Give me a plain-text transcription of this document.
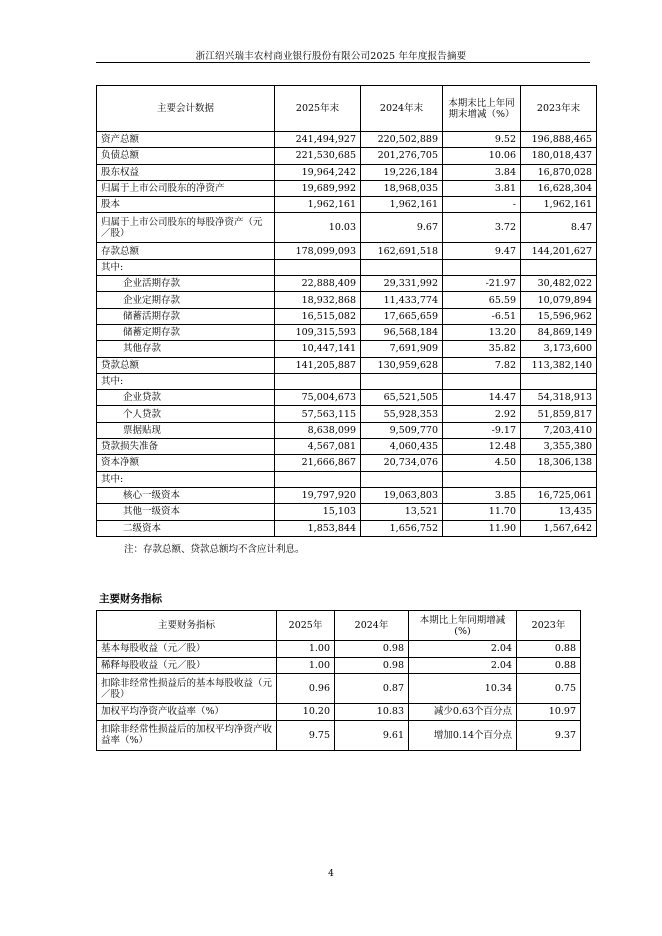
浙江绍兴瑞丰农村商业银行股份有限公司2025 年年度报告摘要
主要会计数据	2025年末	2024年末	本期末比上年同期末增减（%）	2023年末
资产总额	241,494,927	220,502,889	9.52	196,888,465
负债总额	221,530,685	201,276,705	10.06	180,018,437
股东权益	19,964,242	19,226,184	3.84	16,870,028
归属于上市公司股东的净资产	19,689,992	18,968,035	3.81	16,628,304
股本	1,962,161	1,962,161	-	1,962,161
归属于上市公司股东的每股净资产（元／股）	10.03	9.67	3.72	8.47
存款总额	178,099,093	162,691,518	9.47	144,201,627
其中:				
企业活期存款	22,888,409	29,331,992	-21.97	30,482,022
企业定期存款	18,932,868	11,433,774	65.59	10,079,894
储蓄活期存款	16,515,082	17,665,659	-6.51	15,596,962
储蓄定期存款	109,315,593	96,568,184	13.20	84,869,149
其他存款	10,447,141	7,691,909	35.82	3,173,600
贷款总额	141,205,887	130,959,628	7.82	113,382,140
其中:				
企业贷款	75,004,673	65,521,505	14.47	54,318,913
个人贷款	57,563,115	55,928,353	2.92	51,859,817
票据贴现	8,638,099	9,509,770	-9.17	7,203,410
贷款损失准备	4,567,081	4,060,435	12.48	3,355,380
资本净额	21,666,867	20,734,076	4.50	18,306,138
其中:				
核心一级资本	19,797,920	19,063,803	3.85	16,725,061
其他一级资本	15,103	13,521	11.70	13,435
二级资本	1,853,844	1,656,752	11.90	1,567,642
注：存款总额、贷款总额均不含应计利息。
主要财务指标
主要财务指标	2025年	2024年	本期比上年同期增减(%)	2023年
基本每股收益（元／股）	1.00	0.98	2.04	0.88
稀释每股收益（元／股）	1.00	0.98	2.04	0.88
扣除非经常性损益后的基本每股收益（元／股）	0.96	0.87	10.34	0.75
加权平均净资产收益率（%）	10.20	10.83	减少0.63个百分点	10.97
扣除非经常性损益后的加权平均净资产收益率（%）	9.75	9.61	增加0.14个百分点	9.37
4
